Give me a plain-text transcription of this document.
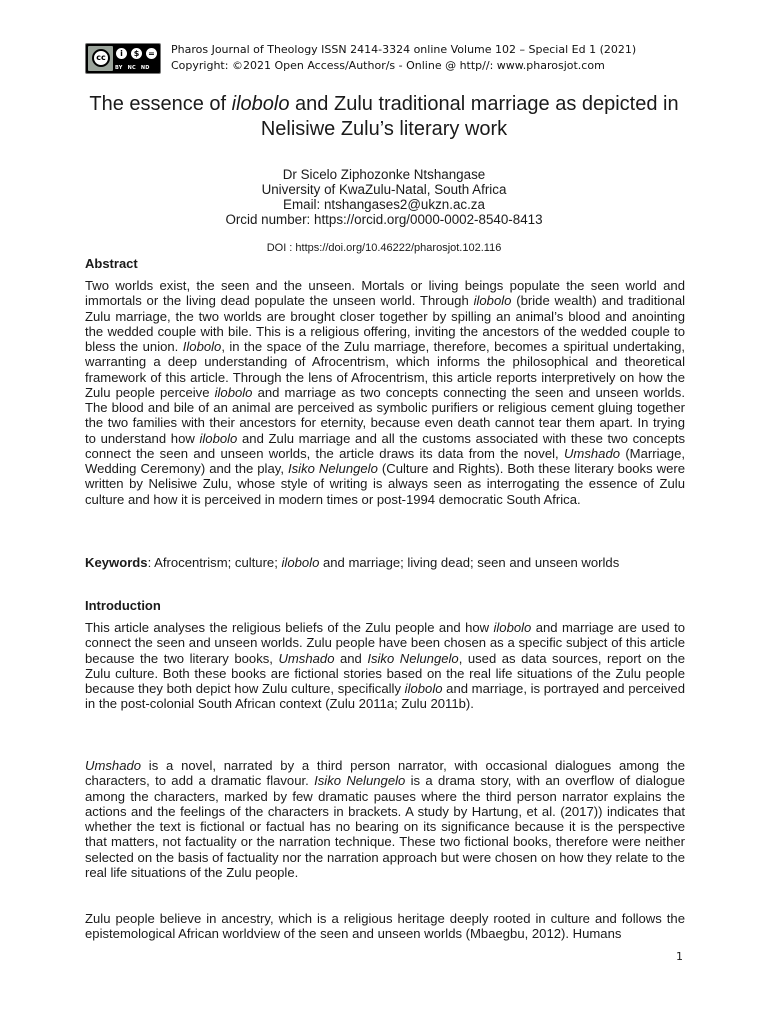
cc	i	$	=
BY NC ND
Pharos Journal of Theology ISSN 2414-3324 online Volume 102 – Special Ed 1 (2021)
Copyright: ©2021 Open Access/Author/s - Online @ http//: www.pharosjot.com
The essence of ilobolo and Zulu traditional marriage as depicted in Nelisiwe Zulu’s literary work
Dr Sicelo Ziphozonke Ntshangase
University of KwaZulu-Natal, South Africa
Email: ntshangases2@ukzn.ac.za
Orcid number: https://orcid.org/0000-0002-8540-8413
DOI : https://doi.org/10.46222/pharosjot.102.116
Abstract

Two worlds exist, the seen and the unseen. Mortals or living beings populate the seen world and immortals or the living dead populate the unseen world. Through ilobolo (bride wealth) and traditional Zulu marriage, the two worlds are brought closer together by spilling an animal’s blood and anointing the wedded couple with bile. This is a religious offering, inviting the ancestors of the wedded couple to bless the union. Ilobolo, in the space of the Zulu marriage, therefore, becomes a spiritual undertaking, warranting a deep understanding of Afrocentrism, which informs the philosophical and theoretical framework of this article. Through the lens of Afrocentrism, this article reports interpretively on how the Zulu people perceive ilobolo and marriage as two concepts connecting the seen and unseen worlds. The blood and bile of an animal are perceived as symbolic purifiers or religious cement gluing together the two families with their ancestors for eternity, because even death cannot tear them apart. In trying to understand how ilobolo and Zulu marriage and all the customs associated with these two concepts connect the seen and unseen worlds, the article draws its data from the novel, Umshado (Marriage, Wedding Ceremony) and the play, Isiko Nelungelo (Culture and Rights). Both these literary books were written by Nelisiwe Zulu, whose style of writing is always seen as interrogating the essence of Zulu culture and how it is perceived in modern times or post-1994 democratic South Africa.

Keywords: Afrocentrism; culture; ilobolo and marriage; living dead; seen and unseen worlds
Introduction

This article analyses the religious beliefs of the Zulu people and how ilobolo and marriage are used to connect the seen and unseen worlds. Zulu people have been chosen as a specific subject of this article because the two literary books, Umshado and Isiko Nelungelo, used as data sources, report on the Zulu culture. Both these books are fictional stories based on the real life situations of the Zulu people because they both depict how Zulu culture, specifically ilobolo and marriage, is portrayed and perceived in the post-colonial South African context (Zulu 2011a; Zulu 2011b).

Umshado is a novel, narrated by a third person narrator, with occasional dialogues among the characters, to add a dramatic flavour. Isiko Nelungelo is a drama story, with an overflow of dialogue among the characters, marked by few dramatic pauses where the third person narrator explains the actions and the feelings of the characters in brackets. A study by Hartung, et al. (2017)) indicates that whether the text is fictional or factual has no bearing on its significance because it is the perspective that matters, not factuality or the narration technique. These two fictional books, therefore were neither selected on the basis of factuality nor the narration approach but were chosen on how they relate to the real life situations of the Zulu people.

Zulu people believe in ancestry, which is a religious heritage deeply rooted in culture and follows the epistemological African worldview of the seen and unseen worlds (Mbaegbu, 2012). Humans

1
